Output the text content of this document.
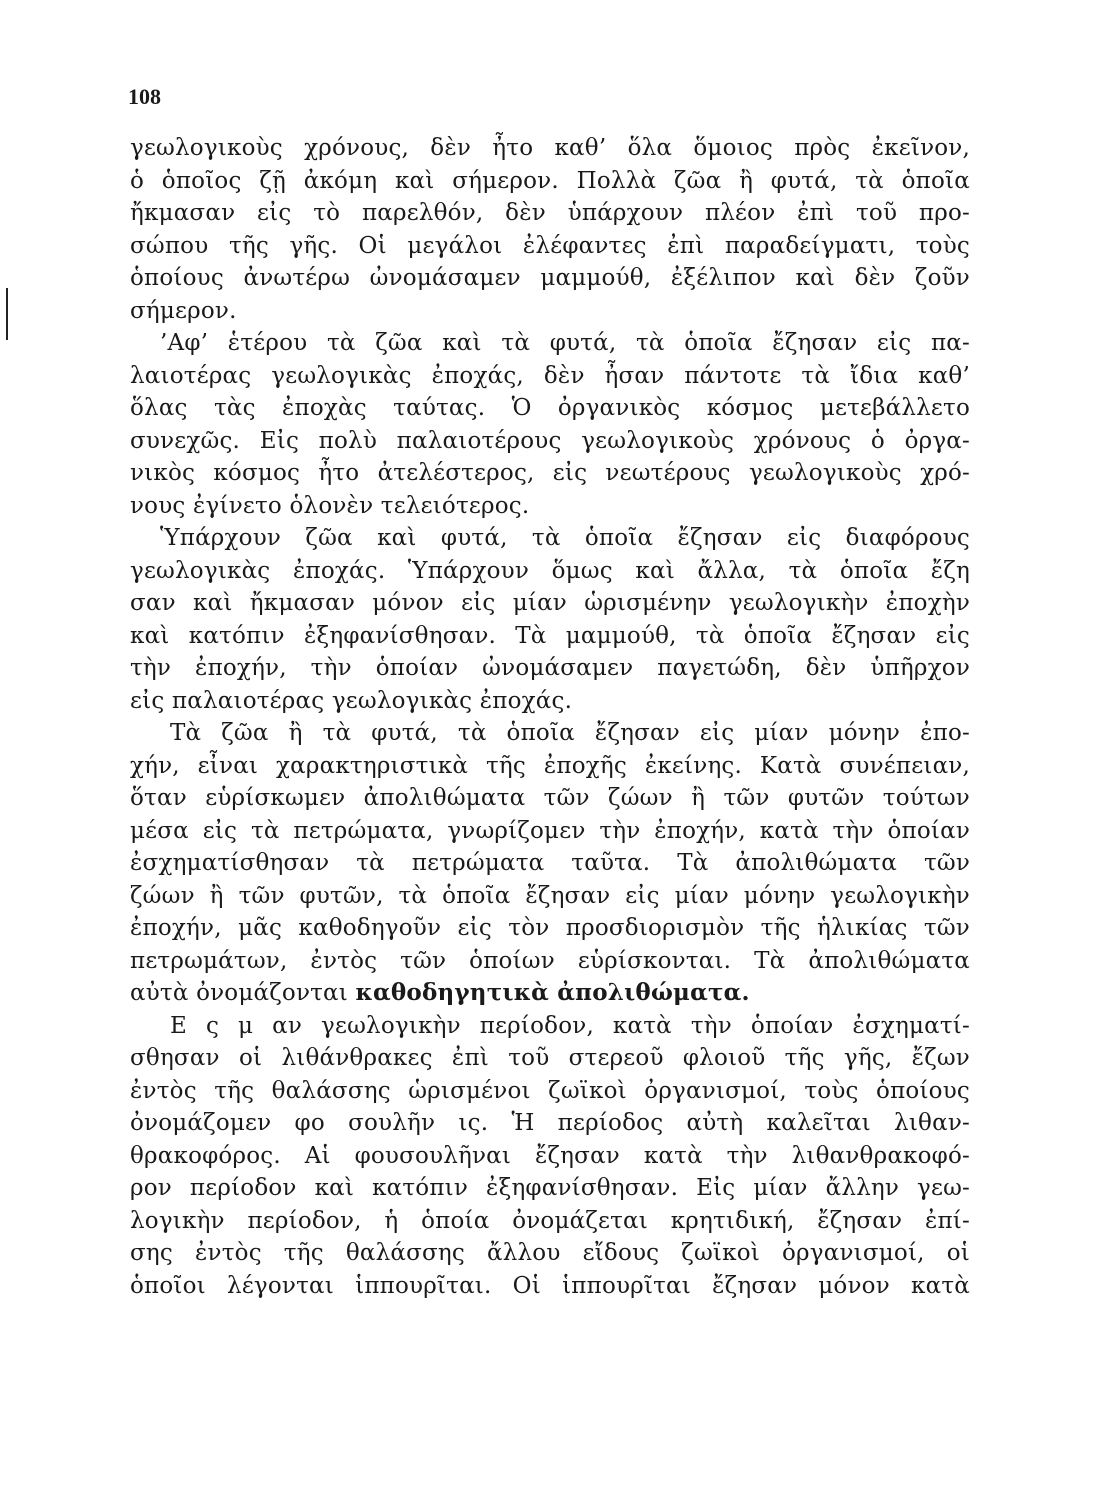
108
γεωλογικοὺς χρόνους, δὲν ἦτο καθ’ ὅλα ὅμοιος πρὸς ἐκεῖνον,
ὁ ὁποῖος ζῇ ἀκόμη καὶ σήμερον. Πολλὰ ζῶα ἢ φυτά, τὰ ὁποῖα
ἤκμασαν εἰς τὸ παρελθόν, δὲν ὑπάρχουν πλέον ἐπὶ τοῦ προ-
σώπου τῆς γῆς. Οἱ μεγάλοι ἐλέφαντες ἐπὶ παραδείγματι, τοὺς
ὁποίους ἀνωτέρω ὠνομάσαμεν μαμμούθ, ἐξέλιπον καὶ δὲν ζοῦν
σήμερον.
’Αφ’ ἑτέρου τὰ ζῶα καὶ τὰ φυτά, τὰ ὁποῖα ἔζησαν εἰς πα-
λαιοτέρας γεωλογικὰς ἐποχάς, δὲν ἦσαν πάντοτε τὰ ἴδια καθ’
ὅλας τὰς ἐποχὰς ταύτας. Ὁ ὀργανικὸς κόσμος μετεβάλλετο
συνεχῶς. Εἰς πολὺ παλαιοτέρους γεωλογικοὺς χρόνους ὁ ὀργα-
νικὸς κόσμος ἦτο ἀτελέστερος, εἰς νεωτέρους γεωλογικοὺς χρό-
νους ἐγίνετο ὁλονὲν τελειότερος.
Ὑπάρχουν ζῶα καὶ φυτά, τὰ ὁποῖα ἔζησαν εἰς διαφόρους
γεωλογικὰς ἐποχάς. Ὑπάρχουν ὅμως καὶ ἄλλα, τὰ ὁποῖα ἔζη
σαν καὶ ἤκμασαν μόνον εἰς μίαν ὡρισμένην γεωλογικὴν ἐποχὴν
καὶ κατόπιν ἐξηφανίσθησαν. Τὰ μαμμούθ, τὰ ὁποῖα ἔζησαν εἰς
τὴν ἐποχήν, τὴν ὁποίαν ὠνομάσαμεν παγετώδη, δὲν ὑπῆρχον
εἰς παλαιοτέρας γεωλογικὰς ἐποχάς.
Τὰ ζῶα ἢ τὰ φυτά, τὰ ὁποῖα ἔζησαν εἰς μίαν μόνην ἐπο-
χήν, εἶναι χαρακτηριστικὰ τῆς ἐποχῆς ἐκείνης. Κατὰ συνέπειαν,
ὅταν εὑρίσκωμεν ἀπολιθώματα τῶν ζώων ἢ τῶν φυτῶν τούτων
μέσα εἰς τὰ πετρώματα, γνωρίζομεν τὴν ἐποχήν, κατὰ τὴν ὁποίαν
ἐσχηματίσθησαν τὰ πετρώματα ταῦτα. Τὰ ἀπολιθώματα τῶν
ζώων ἢ τῶν φυτῶν, τὰ ὁποῖα ἔζησαν εἰς μίαν μόνην γεωλογικὴν
ἐποχήν, μᾶς καθοδηγοῦν εἰς τὸν προσδιορισμὸν τῆς ἡλικίας τῶν
πετρωμάτων, ἐντὸς τῶν ὁποίων εὑρίσκονται. Τὰ ἀπολιθώματα
αὐτὰ ὀνομάζονται καθοδηγητικὰ ἀπολιθώματα.
Ε ς μ αν γεωλογικὴν περίοδον, κατὰ τὴν ὁποίαν ἐσχηματί-
σθησαν οἱ λιθάνθρακες ἐπὶ τοῦ στερεοῦ φλοιοῦ τῆς γῆς, ἔζων
ἐντὸς τῆς θαλάσσης ὡρισμένοι ζωϊκοὶ ὀργανισμοί, τοὺς ὁποίους
ὀνομάζομεν φο σουλῆν ις. Ἡ περίοδος αὐτὴ καλεῖται λιθαν-
θρακοφόρος. Αἱ φουσουλῆναι ἔζησαν κατὰ τὴν λιθανθρακοφό-
ρον περίοδον καὶ κατόπιν ἐξηφανίσθησαν. Εἰς μίαν ἄλλην γεω-
λογικὴν περίοδον, ἡ ὁποία ὀνομάζεται κρητιδική, ἔζησαν ἐπί-
σης ἐντὸς τῆς θαλάσσης ἄλλου εἴδους ζωϊκοὶ ὀργανισμοί, οἱ
ὁποῖοι λέγονται ἱππουρῖται. Οἱ ἱππουρῖται ἔζησαν μόνον κατὰ
